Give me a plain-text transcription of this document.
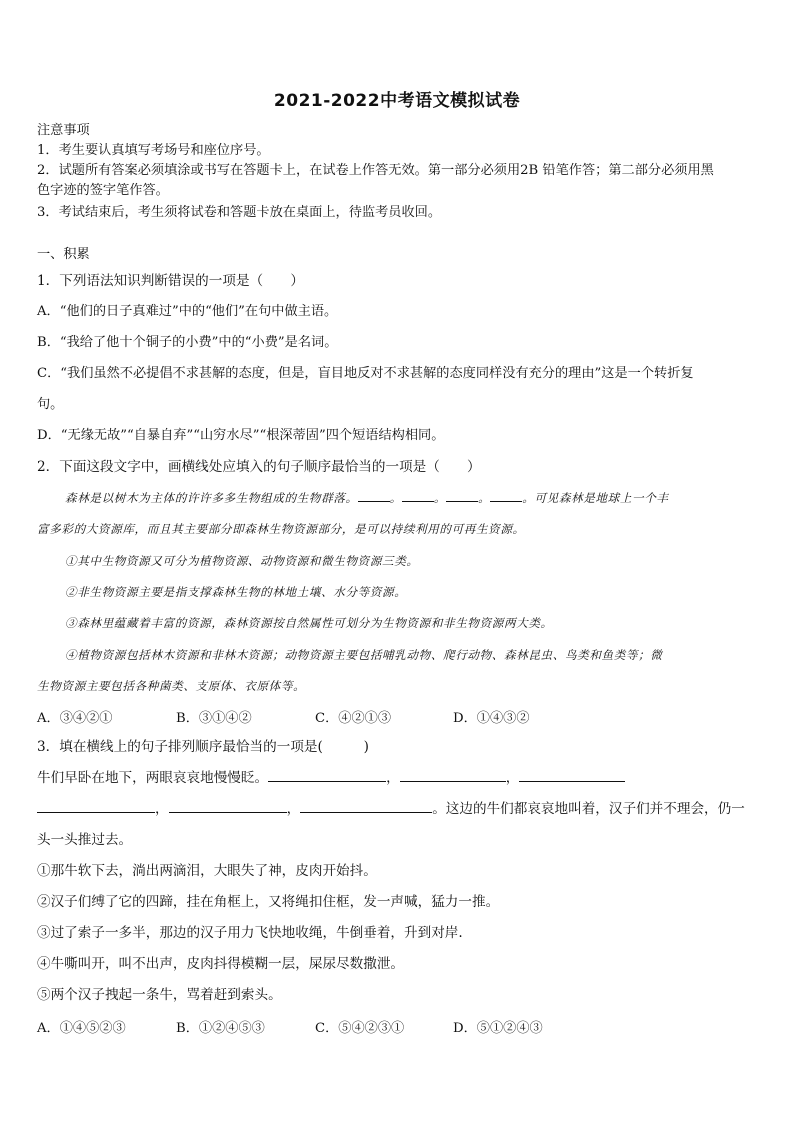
2021-2022中考语文模拟试卷
注意事项
1．考生要认真填写考场号和座位序号。
2．试题所有答案必须填涂或书写在答题卡上，在试卷上作答无效。第一部分必须用2B 铅笔作答；第二部分必须用黑
色字迹的签字笔作答。
3．考试结束后，考生须将试卷和答题卡放在桌面上，待监考员收回。
一、积累
1．下列语法知识判断错误的一项是（　　）
A．“他们的日子真难过”中的“他们”在句中做主语。
B．“我给了他十个铜子的小费”中的“小费”是名词。
C．“我们虽然不必提倡不求甚解的态度，但是，盲目地反对不求甚解的态度同样没有充分的理由”这是一个转折复
句。
D．“无缘无故”“自暴自弃”“山穷水尽”“根深蒂固”四个短语结构相同。
2．下面这段文字中，画横线处应填入的句子顺序最恰当的一项是（　　）
森林是以树木为主体的许许多多生物组成的生物群落。	。	。	。	。可见森林是地球上一个丰
富多彩的大资源库，而且其主要部分即森林生物资源部分，是可以持续利用的可再生资源。
①其中生物资源又可分为植物资源、动物资源和微生物资源三类。
②非生物资源主要是指支撑森林生物的林地土壤、水分等资源。
③森林里蕴藏着丰富的资源，森林资源按自然属性可划分为生物资源和非生物资源两大类。
④植物资源包括林木资源和非林木资源；动物资源主要包括哺乳动物、爬行动物、森林昆虫、鸟类和鱼类等；微
生物资源主要包括各种菌类、支原体、衣原体等。
A．③④②①	B．③①④②	C．④②①③	D．①④③②
3．填在横线上的句子排列顺序最恰当的一项是(　　　)
牛们早卧在地下，两眼哀哀地慢慢眨。	，	，
，	，	。这边的牛们都哀哀地叫着，汉子们并不理会，仍一
头一头推过去。
①那牛软下去，淌出两滴泪，大眼失了神，皮肉开始抖。
②汉子们缚了它的四蹄，挂在角框上，又将绳扣住框，发一声喊，猛力一推。
③过了索子一多半，那边的汉子用力飞快地收绳，牛倒垂着，升到对岸.
④牛嘶叫开，叫不出声，皮肉抖得模糊一层，屎尿尽数撒泄。
⑤两个汉子拽起一条牛，骂着赶到索头。
A．①④⑤②③	B．①②④⑤③	C．⑤④②③①	D．⑤①②④③
